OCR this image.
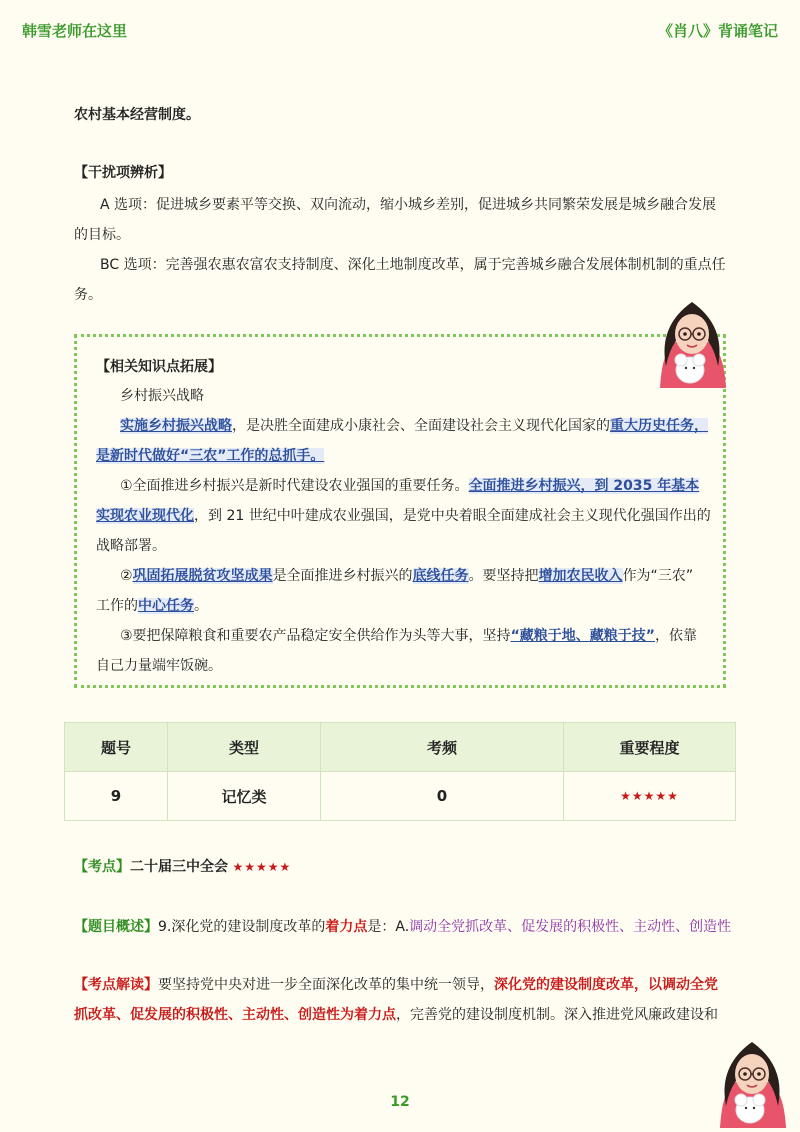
韩雪老师在这里	《肖八》背诵笔记
农村基本经营制度。
【干扰项辨析】
A 选项：促进城乡要素平等交换、双向流动，缩小城乡差别，促进城乡共同繁荣发展是城乡融合发展
的目标。
BC 选项：完善强农惠农富农支持制度、深化土地制度改革，属于完善城乡融合发展体制机制的重点任
务。
【相关知识点拓展】
乡村振兴战略
实施乡村振兴战略，是决胜全面建成小康社会、全面建设社会主义现代化国家的重大历史任务，
是新时代做好“三农”工作的总抓手。
①全面推进乡村振兴是新时代建设农业强国的重要任务。全面推进乡村振兴，到 2035 年基本
实现农业现代化，到 21 世纪中叶建成农业强国，是党中央着眼全面建成社会主义现代化强国作出的
战略部署。
②巩固拓展脱贫攻坚成果是全面推进乡村振兴的底线任务。要坚持把增加农民收入作为“三农”
工作的中心任务。
③要把保障粮食和重要农产品稳定安全供给作为头等大事，坚持“藏粮于地、藏粮于技”，依靠
自己力量端牢饭碗。
题号	类型	考频	重要程度
9	记忆类	0	★★★★★
【考点】二十届三中全会 ★★★★★
【题目概述】9.深化党的建设制度改革的着力点是：A.调动全党抓改革、促发展的积极性、主动性、创造性
【考点解读】要坚持党中央对进一步全面深化改革的集中统一领导，深化党的建设制度改革，以调动全党
抓改革、促发展的积极性、主动性、创造性为着力点，完善党的建设制度机制。深入推进党风廉政建设和
12
